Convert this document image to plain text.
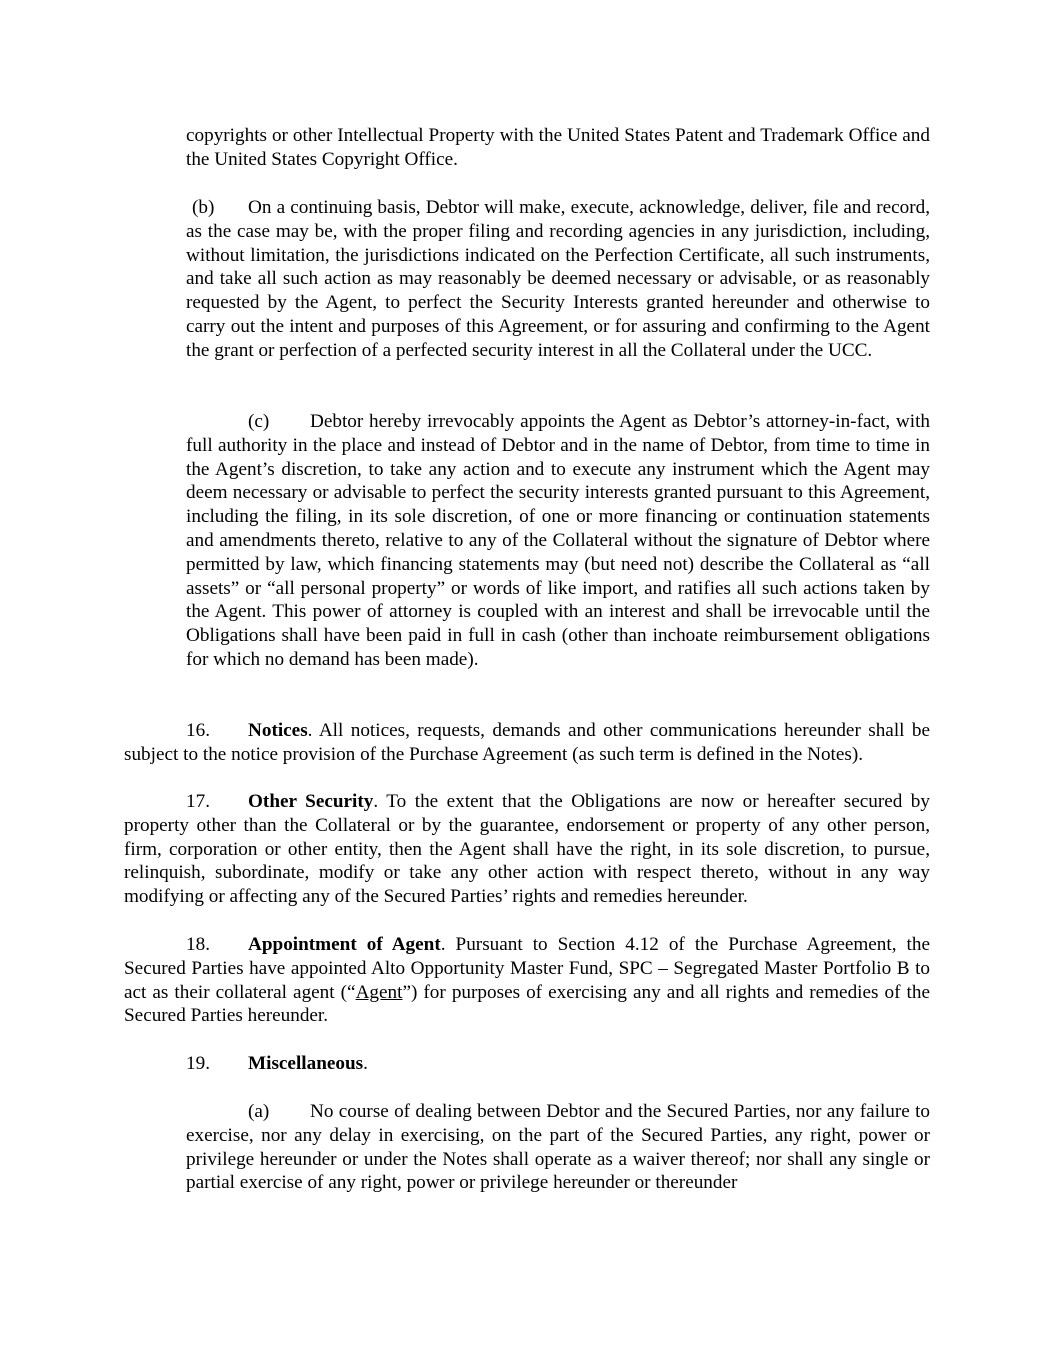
copyrights or other Intellectual Property with the United States Patent and Trademark Office and the United States Copyright Office.

(b) On a continuing basis, Debtor will make, execute, acknowledge, deliver, file and record, as the case may be, with the proper filing and recording agencies in any jurisdiction, including, without limitation, the jurisdictions indicated on the Perfection Certificate, all such instruments, and take all such action as may reasonably be deemed necessary or advisable, or as reasonably requested by the Agent, to perfect the Security Interests granted hereunder and otherwise to carry out the intent and purposes of this Agreement, or for assuring and confirming to the Agent the grant or perfection of a perfected security interest in all the Collateral under the UCC.

(c) Debtor hereby irrevocably appoints the Agent as Debtor’s attorney-in-fact, with full authority in the place and instead of Debtor and in the name of Debtor, from time to time in the Agent’s discretion, to take any action and to execute any instrument which the Agent may deem necessary or advisable to perfect the security interests granted pursuant to this Agreement, including the filing, in its sole discretion, of one or more financing or continuation statements and amendments thereto, relative to any of the Collateral without the signature of Debtor where permitted by law, which financing statements may (but need not) describe the Collateral as “all assets” or “all personal property” or words of like import, and ratifies all such actions taken by the Agent. This power of attorney is coupled with an interest and shall be irrevocable until the Obligations shall have been paid in full in cash (other than inchoate reimbursement obligations for which no demand has been made).

16. Notices. All notices, requests, demands and other communications hereunder shall be subject to the notice provision of the Purchase Agreement (as such term is defined in the Notes).

17. Other Security. To the extent that the Obligations are now or hereafter secured by property other than the Collateral or by the guarantee, endorsement or property of any other person, firm, corporation or other entity, then the Agent shall have the right, in its sole discretion, to pursue, relinquish, subordinate, modify or take any other action with respect thereto, without in any way modifying or affecting any of the Secured Parties’ rights and remedies hereunder.

18. Appointment of Agent. Pursuant to Section 4.12 of the Purchase Agreement, the Secured Parties have appointed Alto Opportunity Master Fund, SPC – Segregated Master Portfolio B to act as their collateral agent (“Agent”) for purposes of exercising any and all rights and remedies of the Secured Parties hereunder.

19. Miscellaneous.

(a) No course of dealing between Debtor and the Secured Parties, nor any failure to exercise, nor any delay in exercising, on the part of the Secured Parties, any right, power or privilege hereunder or under the Notes shall operate as a waiver thereof; nor shall any single or partial exercise of any right, power or privilege hereunder or thereunder
